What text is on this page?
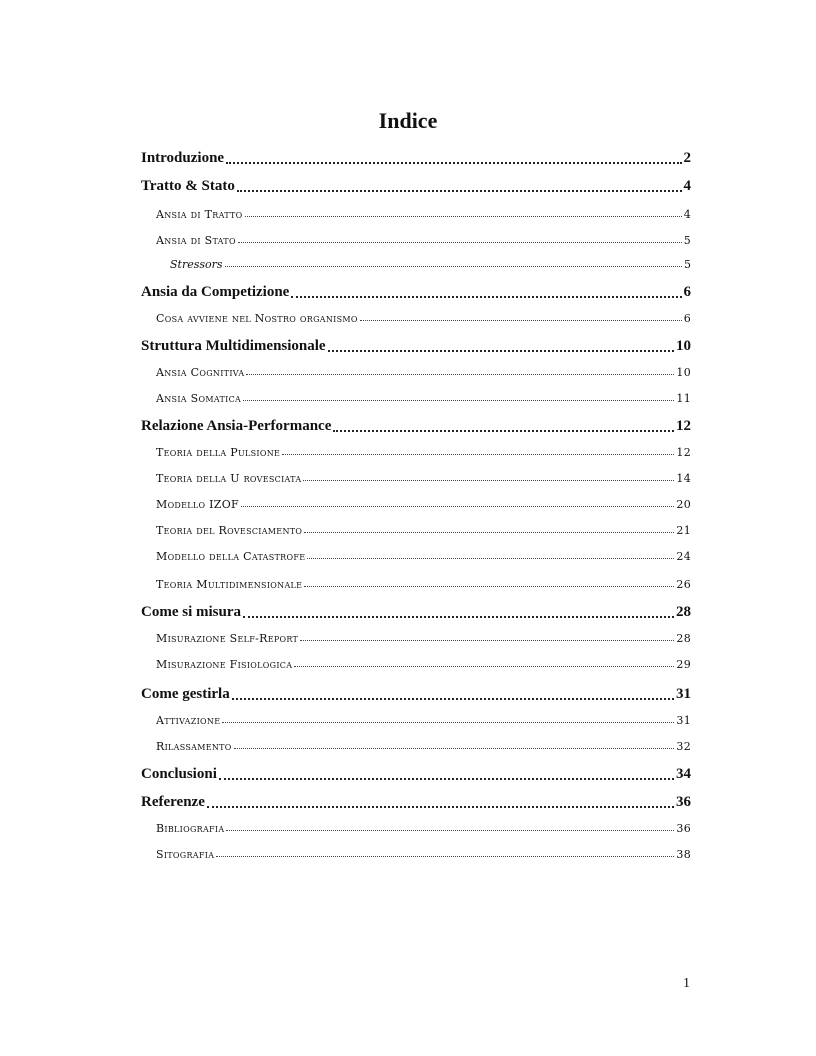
Indice
Introduzione	2
Tratto & Stato	4
Ansia di Tratto	4
Ansia di Stato	5
Stressors	5
Ansia da Competizione	6
Cosa avviene nel Nostro organismo	6
Struttura Multidimensionale	10
Ansia Cognitiva	10
Ansia Somatica	11
Relazione Ansia-Performance	12
Teoria della Pulsione	12
Teoria della U rovesciata	14
Modello IZOF	20
Teoria del Rovesciamento	21
Modello della Catastrofe	24
Teoria Multidimensionale	26
Come si misura	28
Misurazione Self-Report	28
Misurazione Fisiologica	29
Come gestirla	31
Attivazione	31
Rilassamento	32
Conclusioni	34
Referenze	36
Bibliografia	36
Sitografia	38
1
